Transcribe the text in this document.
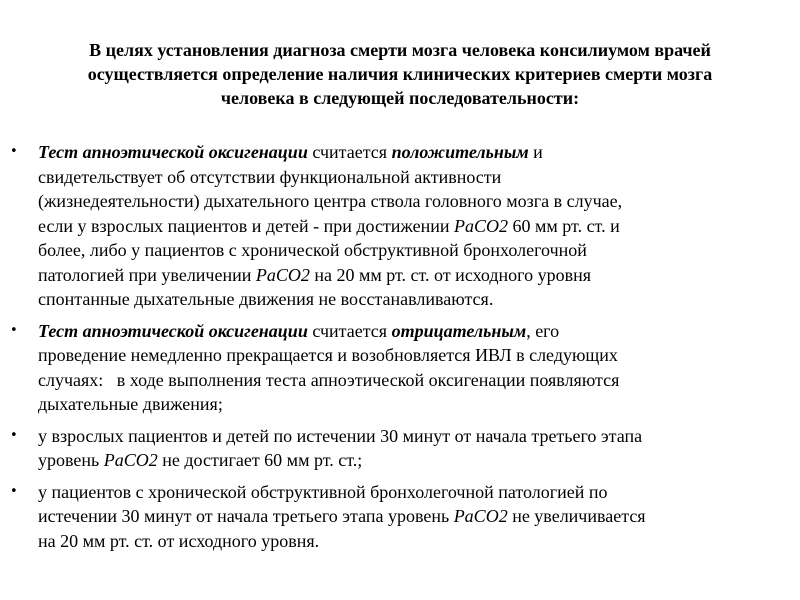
В целях установления диагноза смерти мозга человека консилиумом врачей
осуществляется определение наличия клинических критериев смерти мозга
человека в следующей последовательности:
• Тест апноэтической оксигенации считается положительным и
свидетельствует об отсутствии функциональной активности
(жизнедеятельности) дыхательного центра ствола головного мозга в случае,
если у взрослых пациентов и детей - при достижении PaCO2 60 мм рт. ст. и
более, либо у пациентов с хронической обструктивной бронхолегочной
патологией при увеличении PaCO2 на 20 мм рт. ст. от исходного уровня
спонтанные дыхательные движения не восстанавливаются.
• Тест апноэтической оксигенации считается отрицательным, его
проведение немедленно прекращается и возобновляется ИВЛ в следующих
случаях:   в ходе выполнения теста апноэтической оксигенации появляются
дыхательные движения;
• у взрослых пациентов и детей по истечении 30 минут от начала третьего этапа
уровень PaCO2 не достигает 60 мм рт. ст.;
• у пациентов с хронической обструктивной бронхолегочной патологией по
истечении 30 минут от начала третьего этапа уровень PaCO2 не увеличивается
на 20 мм рт. ст. от исходного уровня.
